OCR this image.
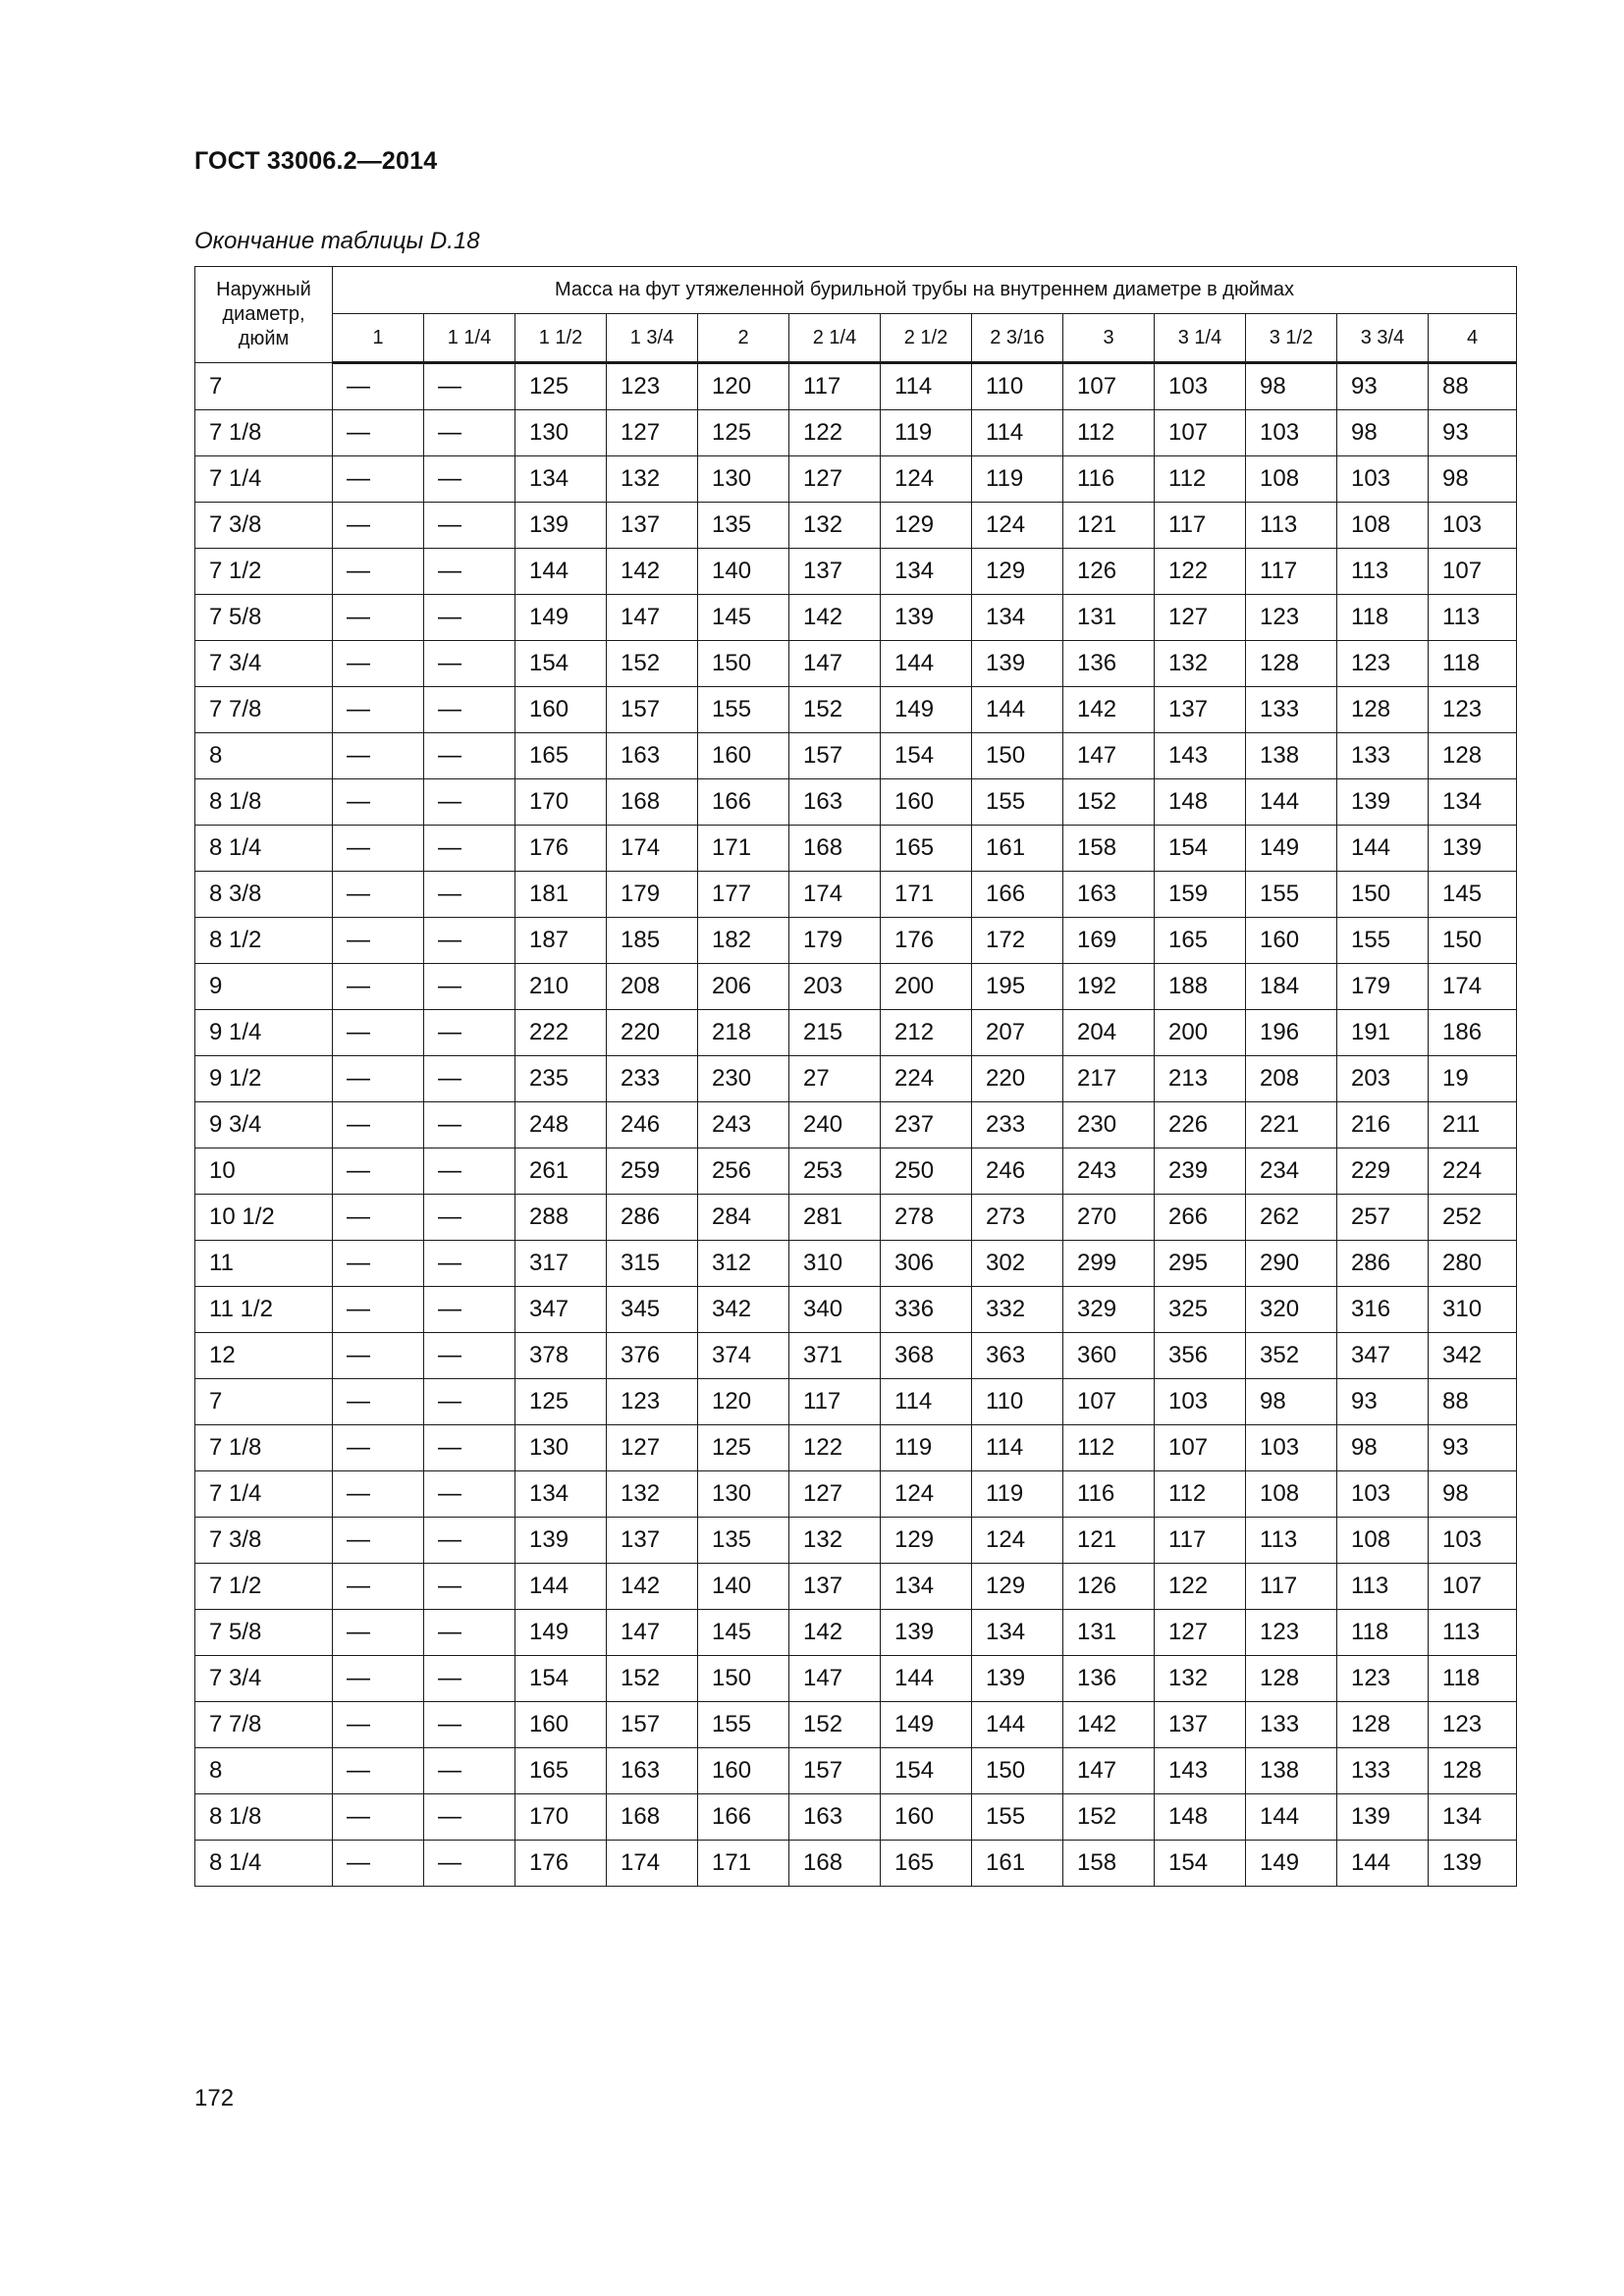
ГОСТ 33006.2—2014
Окончание таблицы D.18
Наружный диаметр, дюйм	Масса на фут утяжеленной бурильной трубы на внутреннем диаметре в дюймах												
	1	1 1/4	1 1/2	1 3/4	2	2 1/4	2 1/2	2 3/16	3	3 1/4	3 1/2	3 3/4	4
7	—	—	125	123	120	117	114	110	107	103	98	93	88
7 1/8	—	—	130	127	125	122	119	114	112	107	103	98	93
7 1/4	—	—	134	132	130	127	124	119	116	112	108	103	98
7 3/8	—	—	139	137	135	132	129	124	121	117	113	108	103
7 1/2	—	—	144	142	140	137	134	129	126	122	117	113	107
7 5/8	—	—	149	147	145	142	139	134	131	127	123	118	113
7 3/4	—	—	154	152	150	147	144	139	136	132	128	123	118
7 7/8	—	—	160	157	155	152	149	144	142	137	133	128	123
8	—	—	165	163	160	157	154	150	147	143	138	133	128
8 1/8	—	—	170	168	166	163	160	155	152	148	144	139	134
8 1/4	—	—	176	174	171	168	165	161	158	154	149	144	139
8 3/8	—	—	181	179	177	174	171	166	163	159	155	150	145
8 1/2	—	—	187	185	182	179	176	172	169	165	160	155	150
9	—	—	210	208	206	203	200	195	192	188	184	179	174
9 1/4	—	—	222	220	218	215	212	207	204	200	196	191	186
9 1/2	—	—	235	233	230	27	224	220	217	213	208	203	19
9 3/4	—	—	248	246	243	240	237	233	230	226	221	216	211
10	—	—	261	259	256	253	250	246	243	239	234	229	224
10 1/2	—	—	288	286	284	281	278	273	270	266	262	257	252
11	—	—	317	315	312	310	306	302	299	295	290	286	280
11 1/2	—	—	347	345	342	340	336	332	329	325	320	316	310
12	—	—	378	376	374	371	368	363	360	356	352	347	342
7	—	—	125	123	120	117	114	110	107	103	98	93	88
7 1/8	—	—	130	127	125	122	119	114	112	107	103	98	93
7 1/4	—	—	134	132	130	127	124	119	116	112	108	103	98
7 3/8	—	—	139	137	135	132	129	124	121	117	113	108	103
7 1/2	—	—	144	142	140	137	134	129	126	122	117	113	107
7 5/8	—	—	149	147	145	142	139	134	131	127	123	118	113
7 3/4	—	—	154	152	150	147	144	139	136	132	128	123	118
7 7/8	—	—	160	157	155	152	149	144	142	137	133	128	123
8	—	—	165	163	160	157	154	150	147	143	138	133	128
8 1/8	—	—	170	168	166	163	160	155	152	148	144	139	134
8 1/4	—	—	176	174	171	168	165	161	158	154	149	144	139
172
